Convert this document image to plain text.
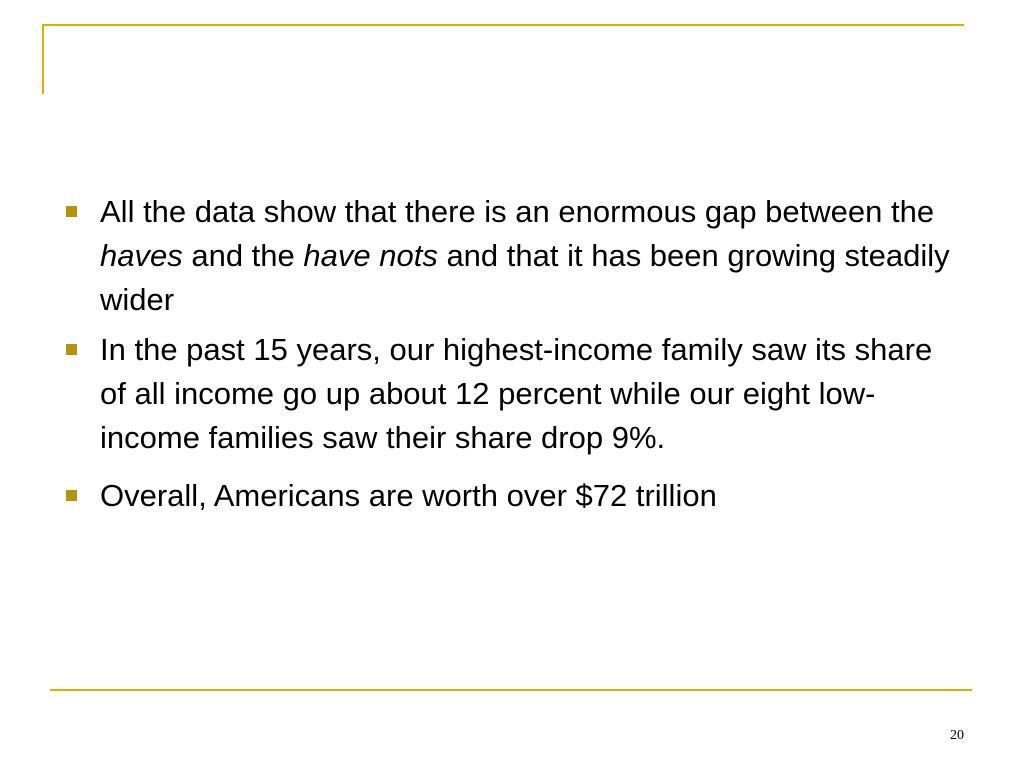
All the data show that there is an enormous gap between the haves and the have nots and that it has been growing steadily wider
In the past 15 years, our highest-income family saw its share of all income go up about 12 percent while our eight low-income families saw their share drop 9%.
Overall, Americans are worth over $72 trillion
20
